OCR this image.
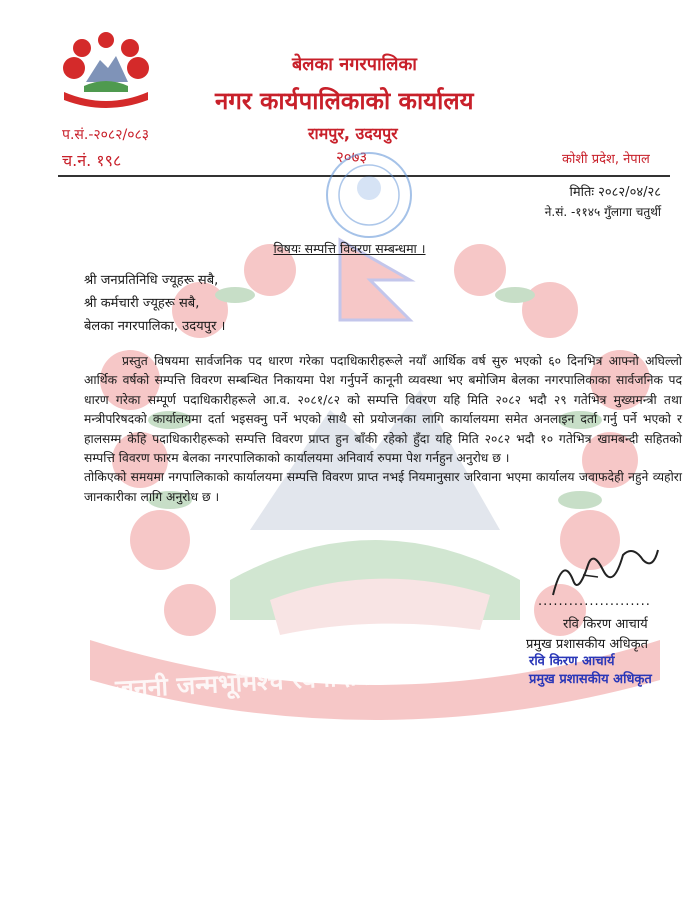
जननी जन्मभूमिश्च स्वर्गादपि गरीयसी
बेलका नगरपालिका
नगर कार्यपालिकाको कार्यालय
रामपुर, उदयपुर
२०७३
प.सं.-२०८२/०८३
च.नं. १९८	कोशी प्रदेश, नेपाल
मितिः २०८२/०४/२८
ने.सं. -११४५ गुँलागा चतुर्थी
विषयः सम्पत्ति विवरण सम्बन्धमा ।
श्री जनप्रतिनिधि ज्यूहरू सबै,
श्री कर्मचारी ज्यूहरू सबै,
बेलका नगरपालिका, उदयपुर ।

प्रस्तुत विषयमा सार्वजनिक पद धारण गरेका पदाधिकारीहरूले नयाँ आर्थिक वर्ष सुरु भएको ६० दिनभित्र आफ्नो अघिल्लो आर्थिक वर्षको सम्पत्ति विवरण सम्बन्धित निकायमा पेश गर्नुपर्ने कानूनी व्यवस्था भए बमोजिम बेलका नगरपालिकाका सार्वजनिक पद धारण गरेका सम्पूर्ण पदाधिकारीहरूले आ.व. २०८१/८२ को सम्पत्ति विवरण यहि मिति २०८२ भदौ २९ गतेभित्र मुख्यमन्त्री तथा मन्त्रीपरिषदको कार्यालयमा दर्ता भइसक्नु पर्ने भएको साथै सो प्रयोजनका लागि कार्यालयमा समेत अनलाइन दर्ता गर्नु पर्ने भएको र हालसम्म केहि पदाधिकारीहरूको सम्पत्ति विवरण प्राप्त हुन बाँकी रहेको हुँदा यहि मिति २०८२ भदौ १० गतेभित्र खामबन्दी सहितको सम्पत्ति विवरण फारम बेलका नगरपालिकाको कार्यालयमा अनिवार्य रुपमा पेश गर्नहुन अनुरोध छ ।

तोकिएको समयमा नगपालिकाको कार्यालयमा सम्पत्ति विवरण प्राप्त नभई नियमानुसार जरिवाना भएमा कार्यालय जवाफदेही नहुने व्यहोरा जानकारीका लागि अनुरोध छ ।

......................
रवि किरण आचार्य
प्रमुख प्रशासकीय अधिकृत
रवि किरण आचार्य
प्रमुख प्रशासकीय अधिकृत
